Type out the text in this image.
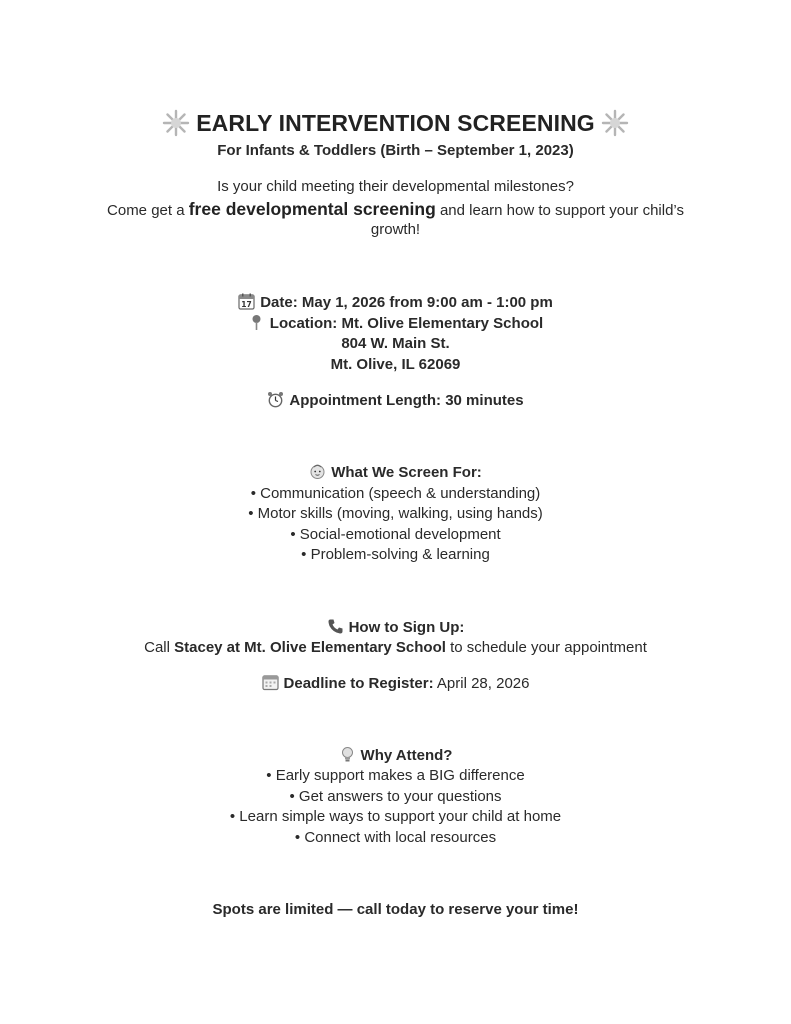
EARLY INTERVENTION SCREENING
For Infants & Toddlers (Birth – September 1, 2023)
Is your child meeting their developmental milestones?
Come get a free developmental screening and learn how to support your child’s
growth!
17 Date: May 1, 2026 from 9:00 am - 1:00 pm
Location: Mt. Olive Elementary School
804 W. Main St.
Mt. Olive, IL 62069
Appointment Length: 30 minutes
What We Screen For:
• Communication (speech & understanding)
• Motor skills (moving, walking, using hands)
• Social-emotional development
• Problem-solving & learning
How to Sign Up:
Call Stacey at Mt. Olive Elementary School to schedule your appointment
Deadline to Register: April 28, 2026
Why Attend?
• Early support makes a BIG difference
• Get answers to your questions
• Learn simple ways to support your child at home
• Connect with local resources
Spots are limited — call today to reserve your time!
